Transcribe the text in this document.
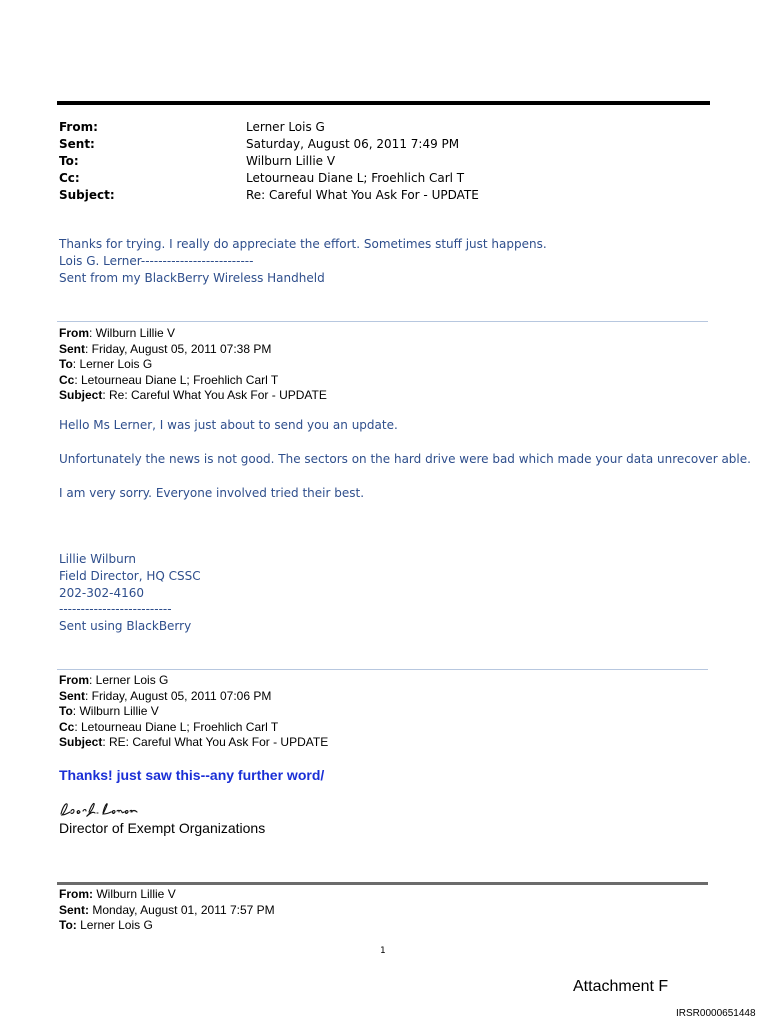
From:	Lerner Lois G
Sent:	Saturday, August 06, 2011 7:49 PM
To:	Wilburn Lillie V
Cc:	Letourneau Diane L; Froehlich Carl T
Subject:	Re: Careful What You Ask For - UPDATE
Thanks for trying. I really do appreciate the effort. Sometimes stuff just happens.
Lois G. Lerner--------------------------
Sent from my BlackBerry Wireless Handheld
From: Wilburn Lillie V
Sent: Friday, August 05, 2011 07:38 PM
To: Lerner Lois G
Cc: Letourneau Diane L; Froehlich Carl T
Subject: Re: Careful What You Ask For - UPDATE
Hello Ms Lerner, I was just about to send you an update.
Unfortunately the news is not good. The sectors on the hard drive were bad which made your data unrecover able.
I am very sorry. Everyone involved tried their best.
Lillie Wilburn
Field Director, HQ CSSC
202-302-4160
--------------------------
Sent using BlackBerry
From: Lerner Lois G
Sent: Friday, August 05, 2011 07:06 PM
To: Wilburn Lillie V
Cc: Letourneau Diane L; Froehlich Carl T
Subject: RE: Careful What You Ask For - UPDATE
Thanks! just saw this--any further word/
Director of Exempt Organizations
From: Wilburn Lillie V
Sent: Monday, August 01, 2011 7:57 PM
To: Lerner Lois G
1
Attachment F
IRSR0000651448
